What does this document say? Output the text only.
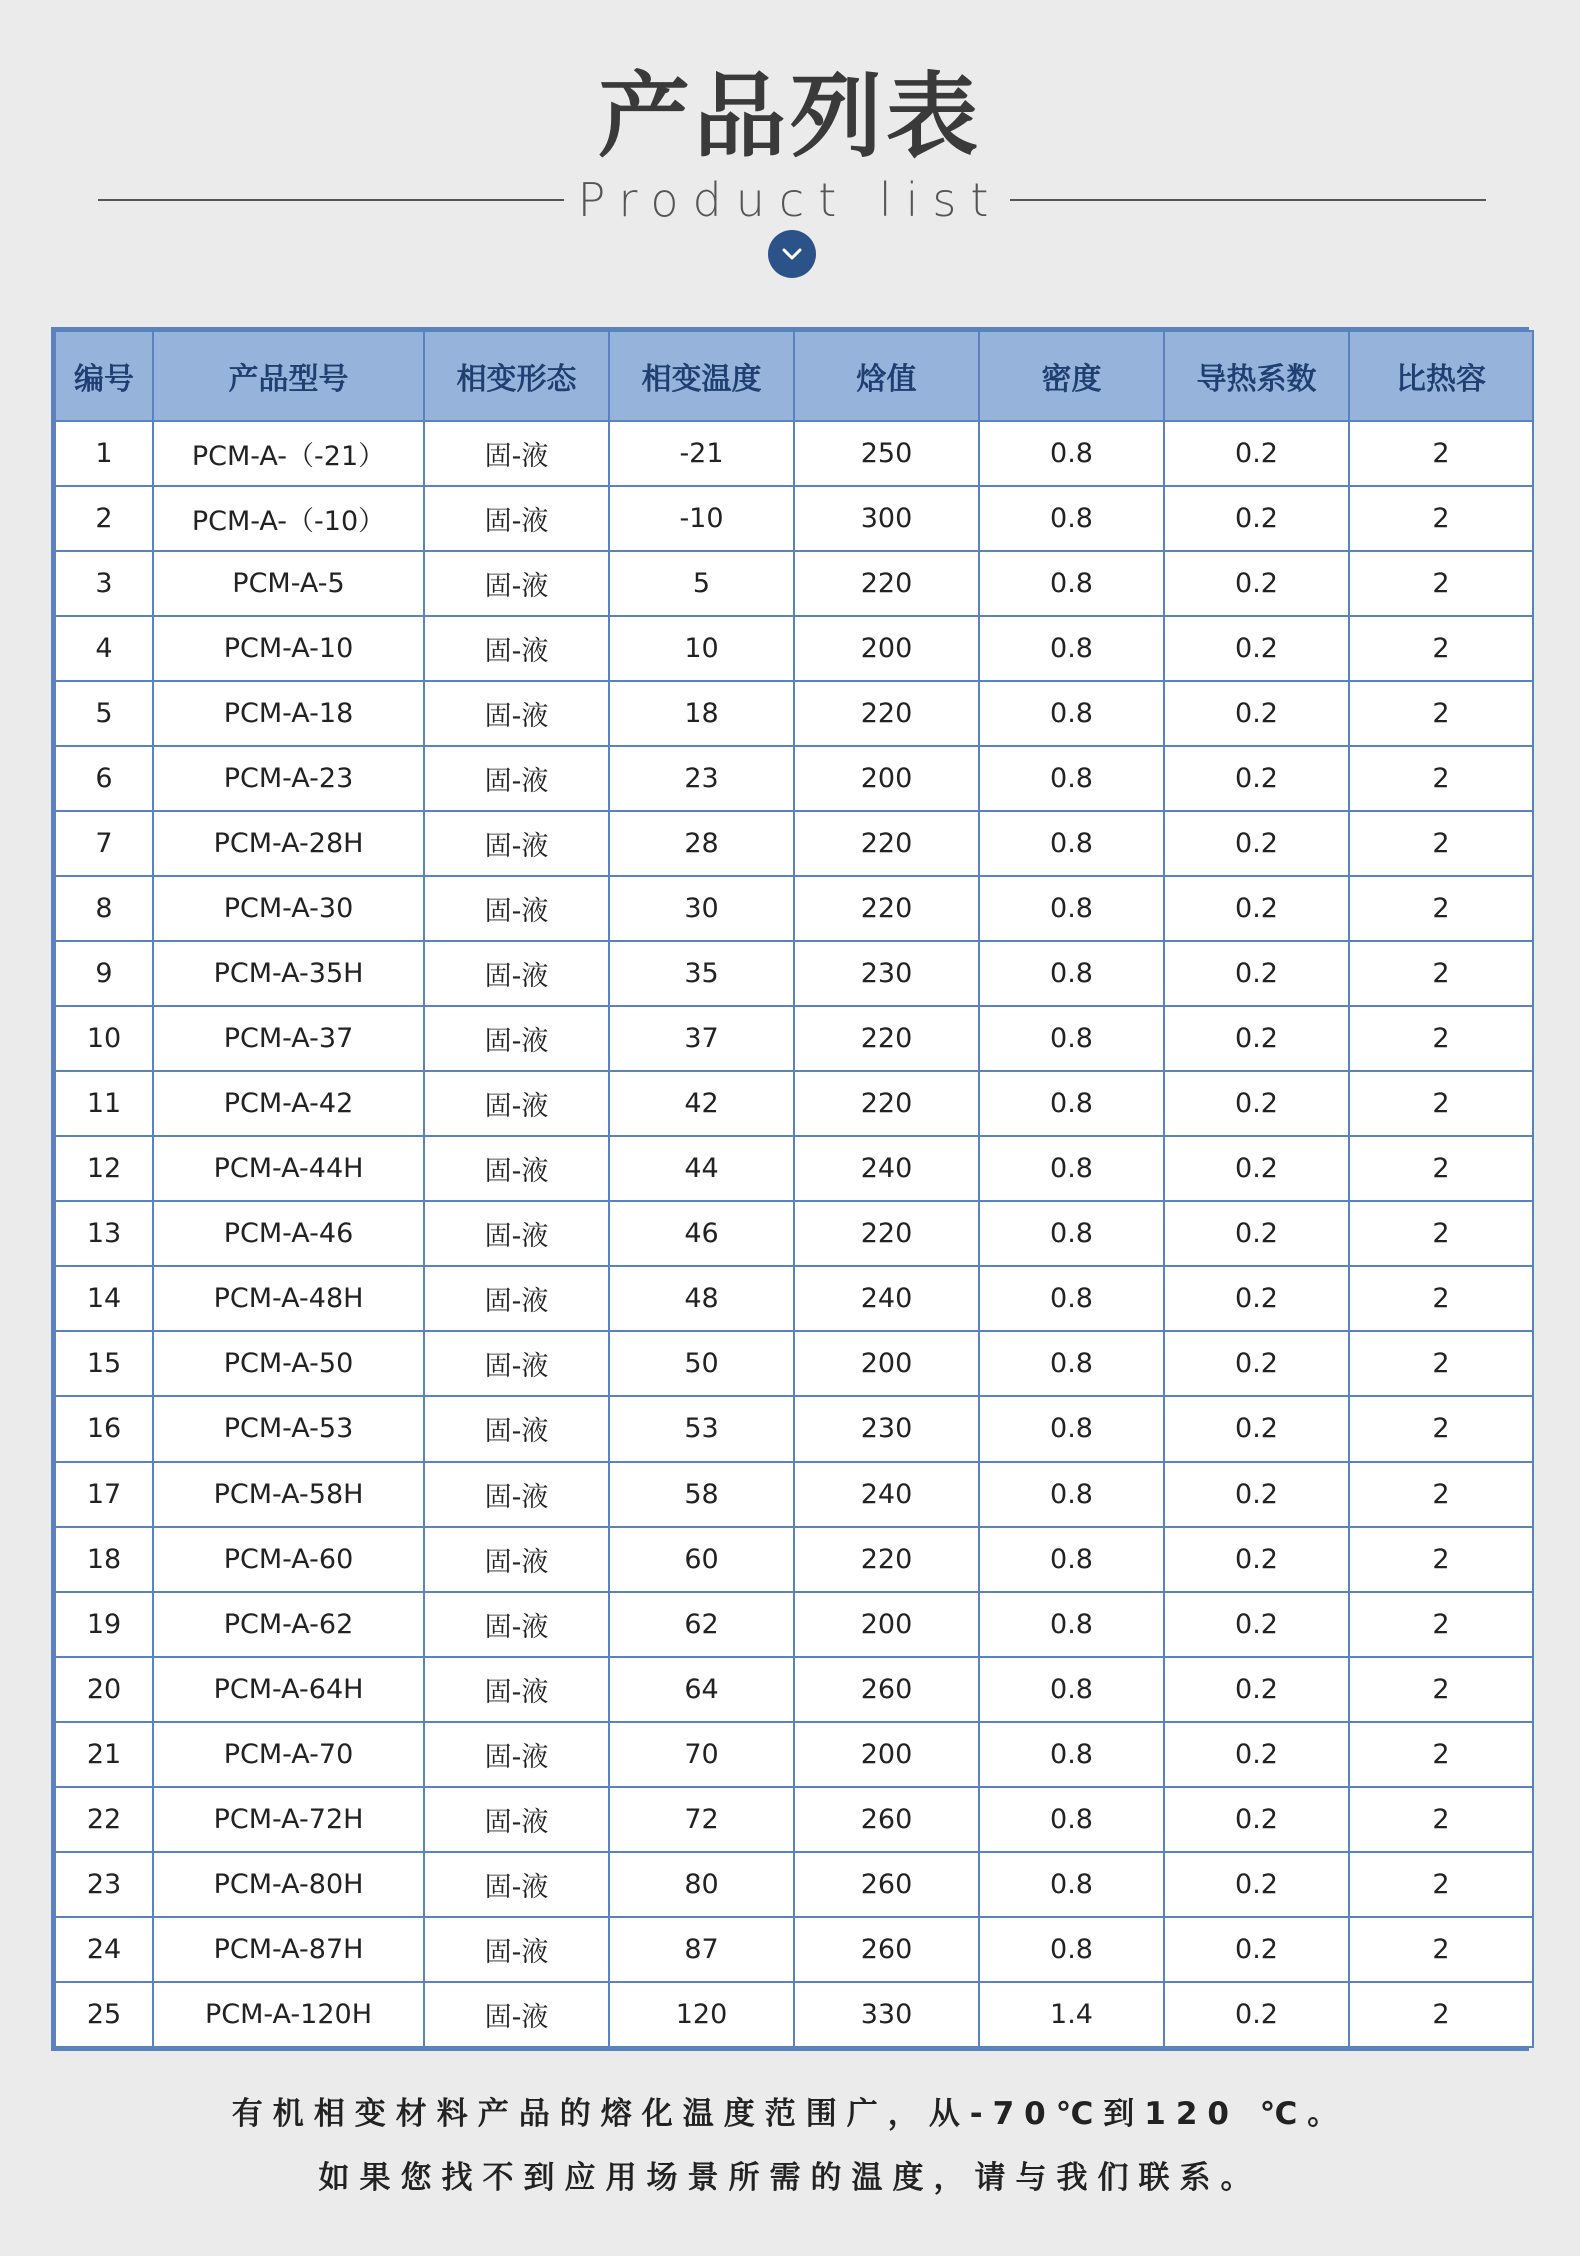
产品列表
Product list
编号	产品型号	相变形态	相变温度	焓值	密度	导热系数	比热容
1	PCM-A-（-21）	固-液	-21	250	0.8	0.2	2
2	PCM-A-（-10）	固-液	-10	300	0.8	0.2	2
3	PCM-A-5	固-液	5	220	0.8	0.2	2
4	PCM-A-10	固-液	10	200	0.8	0.2	2
5	PCM-A-18	固-液	18	220	0.8	0.2	2
6	PCM-A-23	固-液	23	200	0.8	0.2	2
7	PCM-A-28H	固-液	28	220	0.8	0.2	2
8	PCM-A-30	固-液	30	220	0.8	0.2	2
9	PCM-A-35H	固-液	35	230	0.8	0.2	2
10	PCM-A-37	固-液	37	220	0.8	0.2	2
11	PCM-A-42	固-液	42	220	0.8	0.2	2
12	PCM-A-44H	固-液	44	240	0.8	0.2	2
13	PCM-A-46	固-液	46	220	0.8	0.2	2
14	PCM-A-48H	固-液	48	240	0.8	0.2	2
15	PCM-A-50	固-液	50	200	0.8	0.2	2
16	PCM-A-53	固-液	53	230	0.8	0.2	2
17	PCM-A-58H	固-液	58	240	0.8	0.2	2
18	PCM-A-60	固-液	60	220	0.8	0.2	2
19	PCM-A-62	固-液	62	200	0.8	0.2	2
20	PCM-A-64H	固-液	64	260	0.8	0.2	2
21	PCM-A-70	固-液	70	200	0.8	0.2	2
22	PCM-A-72H	固-液	72	260	0.8	0.2	2
23	PCM-A-80H	固-液	80	260	0.8	0.2	2
24	PCM-A-87H	固-液	87	260	0.8	0.2	2
25	PCM-A-120H	固-液	120	330	1.4	0.2	2
有机相变材料产品的熔化温度范围广，从-70℃到120 ℃。
如果您找不到应用场景所需的温度，请与我们联系。
